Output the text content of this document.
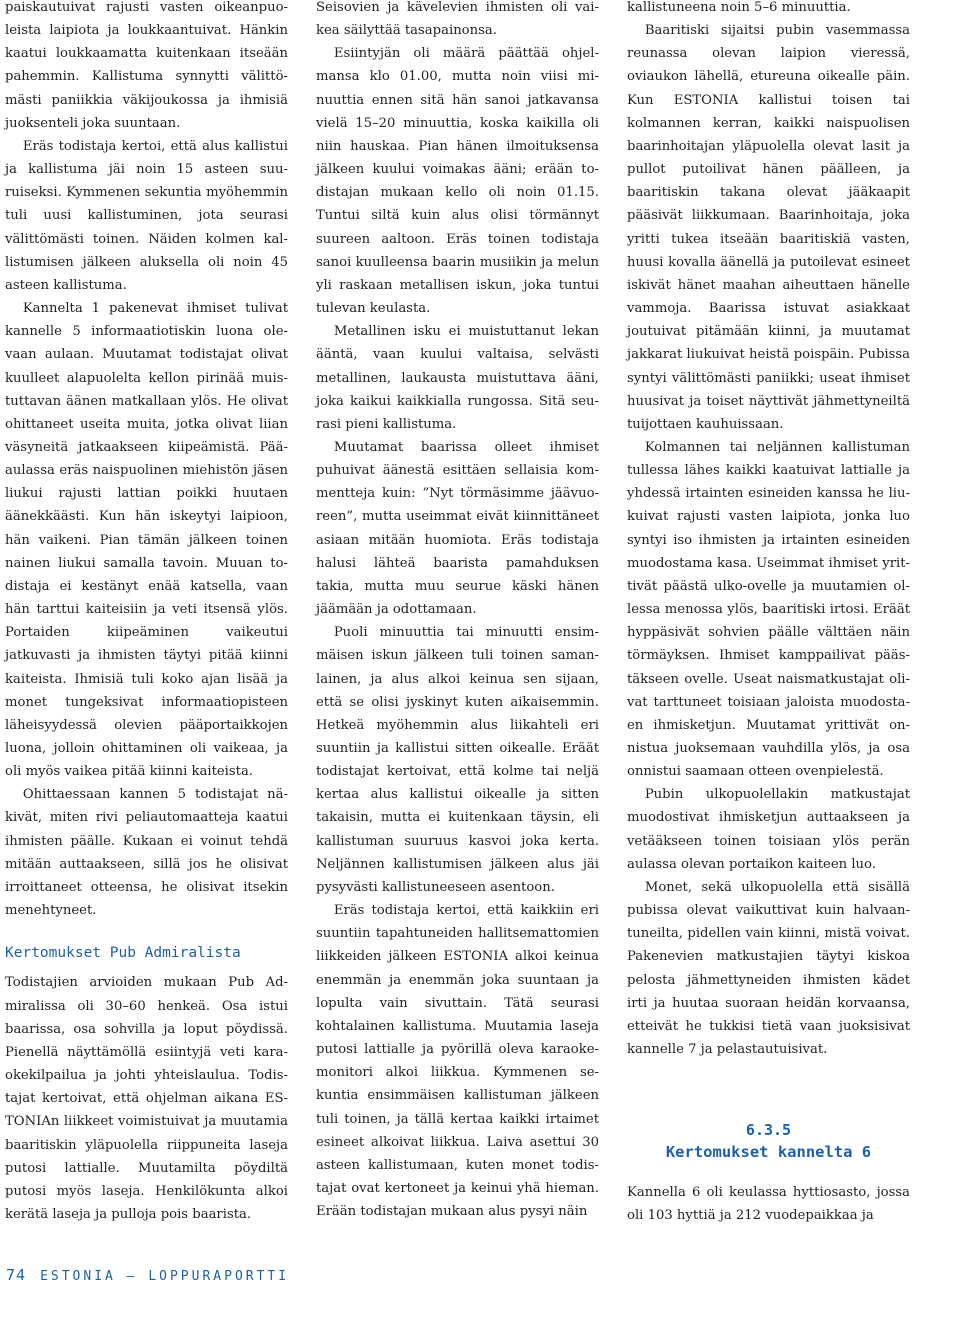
paiskautuivat rajusti vasten oikeanpuoleista laipiota ja loukkaantuivat. Hänkin kaatui loukkaamatta kuitenkaan itseään pahemmin. Kallistuma synnytti välittömästi paniikkia väkijoukossa ja ihmisiä juoksenteli joka suuntaan.

Eräs todistaja kertoi, että alus kallistui ja kallistuma jäi noin 15 asteen suuruiseksi. Kymmenen sekuntia myöhemmin tuli uusi kallistuminen, jota seurasi välittömästi toinen. Näiden kolmen kallistumisen jälkeen aluksella oli noin 45 asteen kallistuma.

Kannelta 1 pakenevat ihmiset tulivat kannelle 5 informaatiotiskin luona olevaan aulaan. Muutamat todistajat olivat kuulleet alapuolelta kellon pirinää muistuttavan äänen matkallaan ylös. He olivat ohittaneet useita muita, jotka olivat liian väsyneitä jatkaakseen kiipeämistä. Pääaulassa eräs naispuolinen miehistön jäsen liukui rajusti lattian poikki huutaen äänekkäästi. Kun hän iskeytyi laipioon, hän vaikeni. Pian tämän jälkeen toinen nainen liukui samalla tavoin. Muuan todistaja ei kestänyt enää katsella, vaan hän tarttui kaiteisiin ja veti itsensä ylös. Portaiden kiipeäminen vaikeutui jatkuvasti ja ihmisten täytyi pitää kiinni kaiteista. Ihmisiä tuli koko ajan lisää ja monet tungeksivat informaatiopisteen läheisyydessä olevien pääportaikkojen luona, jolloin ohittaminen oli vaikeaa, ja oli myös vaikea pitää kiinni kaiteista.

Ohittaessaan kannen 5 todistajat näkivät, miten rivi peliautomaatteja kaatui ihmisten päälle. Kukaan ei voinut tehdä mitään auttaakseen, sillä jos he olisivat irroittaneet otteensa, he olisivat itsekin menehtyneet.

Kertomukset Pub Admiralista

Todistajien arvioiden mukaan Pub Admiralissa oli 30–60 henkeä. Osa istui baarissa, osa sohvilla ja loput pöydissä. Pienellä näyttämöllä esiintyjä veti karaokekilpailua ja johti yhteislaulua. Todistajat kertoivat, että ohjelman aikana ESTONIAn liikkeet voimistuivat ja muutamia baaritiskin yläpuolella riippuneita laseja putosi lattialle. Muutamilta pöydiltä putosi myös laseja. Henkilökunta alkoi kerätä laseja ja pulloja pois baarista.

Seisovien ja kävelevien ihmisten oli vaikea säilyttää tasapainonsa.

Esiintyjän oli määrä päättää ohjelmansa klo 01.00, mutta noin viisi minuuttia ennen sitä hän sanoi jatkavansa vielä 15–20 minuuttia, koska kaikilla oli niin hauskaa. Pian hänen ilmoituksensa jälkeen kuului voimakas ääni; erään todistajan mukaan kello oli noin 01.15. Tuntui siltä kuin alus olisi törmännyt suureen aaltoon. Eräs toinen todistaja sanoi kuulleensa baarin musiikin ja melun yli raskaan metallisen iskun, joka tuntui tulevan keulasta.

Metallinen isku ei muistuttanut lekan ääntä, vaan kuului valtaisa, selvästi metallinen, laukausta muistuttava ääni, joka kaikui kaikkialla rungossa. Sitä seurasi pieni kallistuma.

Muutamat baarissa olleet ihmiset puhuivat äänestä esittäen sellaisia kommentteja kuin: ”Nyt törmäsimme jäävuoreen”, mutta useimmat eivät kiinnittäneet asiaan mitään huomiota. Eräs todistaja halusi lähteä baarista pamahduksen takia, mutta muu seurue käski hänen jäämään ja odottamaan.

Puoli minuuttia tai minuutti ensimmäisen iskun jälkeen tuli toinen samanlainen, ja alus alkoi keinua sen sijaan, että se olisi jyskinyt kuten aikaisemmin. Hetkeä myöhemmin alus liikahteli eri suuntiin ja kallistui sitten oikealle. Eräät todistajat kertoivat, että kolme tai neljä kertaa alus kallistui oikealle ja sitten takaisin, mutta ei kuitenkaan täysin, eli kallistuman suuruus kasvoi joka kerta. Neljännen kallistumisen jälkeen alus jäi pysyvästi kallistuneeseen asentoon.

Eräs todistaja kertoi, että kaikkiin eri suuntiin tapahtuneiden hallitsemattomien liikkeiden jälkeen ESTONIA alkoi keinua enemmän ja enemmän joka suuntaan ja lopulta vain sivuttain. Tätä seurasi kohtalainen kallistuma. Muutamia laseja putosi lattialle ja pyörillä oleva karaokemonitori alkoi liikkua. Kymmenen sekuntia ensimmäisen kallistuman jälkeen tuli toinen, ja tällä kertaa kaikki irtaimet esineet alkoivat liikkua. Laiva asettui 30 asteen kallistumaan, kuten monet todistajat ovat kertoneet ja keinui yhä hieman. Erään todistajan mukaan alus pysyi näin

kallistuneena noin 5–6 minuuttia.

Baaritiski sijaitsi pubin vasemmassa reunassa olevan laipion vieressä, oviaukon lähellä, etureuna oikealle päin. Kun ESTONIA kallistui toisen tai kolmannen kerran, kaikki naispuolisen baarinhoitajan yläpuolella olevat lasit ja pullot putoilivat hänen päälleen, ja baaritiskin takana olevat jääkaapit pääsivät liikkumaan. Baarinhoitaja, joka yritti tukea itseään baaritiskiä vasten, huusi kovalla äänellä ja putoilevat esineet iskivät hänet maahan aiheuttaen hänelle vammoja. Baarissa istuvat asiakkaat joutuivat pitämään kiinni, ja muutamat jakkarat liukuivat heistä poispäin. Pubissa syntyi välittömästi paniikki; useat ihmiset huusivat ja toiset näyttivät jähmettyneiltä tuijottaen kauhuissaan.

Kolmannen tai neljännen kallistuman tullessa lähes kaikki kaatuivat lattialle ja yhdessä irtainten esineiden kanssa he liukuivat rajusti vasten laipiota, jonka luo syntyi iso ihmisten ja irtainten esineiden muodostama kasa. Useimmat ihmiset yrittivät päästä ulko-ovelle ja muutamien ollessa menossa ylös, baaritiski irtosi. Eräät hyppäsivät sohvien päälle välttäen näin törmäyksen. Ihmiset kamppailivat päästäkseen ovelle. Useat naismatkustajat olivat tarttuneet toisiaan jaloista muodostaen ihmisketjun. Muutamat yrittivät onnistua juoksemaan vauhdilla ylös, ja osa onnistui saamaan otteen ovenpielestä.

Pubin ulkopuolellakin matkustajat muodostivat ihmisketjun auttaakseen ja vetääkseen toinen toisiaan ylös perän aulassa olevan portaikon kaiteen luo.

Monet, sekä ulkopuolella että sisällä pubissa olevat vaikuttivat kuin halvaantuneilta, pidellen vain kiinni, mistä voivat. Pakenevien matkustajien täytyi kiskoa pelosta jähmettyneiden ihmisten kädet irti ja huutaa suoraan heidän korvaansa, etteivät he tukkisi tietä vaan juoksisivat kannelle 7 ja pelastautuisivat.

6.3.5
Kertomukset kannelta 6

Kannella 6 oli keulassa hyttiosasto, jossa oli 103 hyttiä ja 212 vuodepaikkaa ja

74 ESTONIA — LOPPURAPORTTI
